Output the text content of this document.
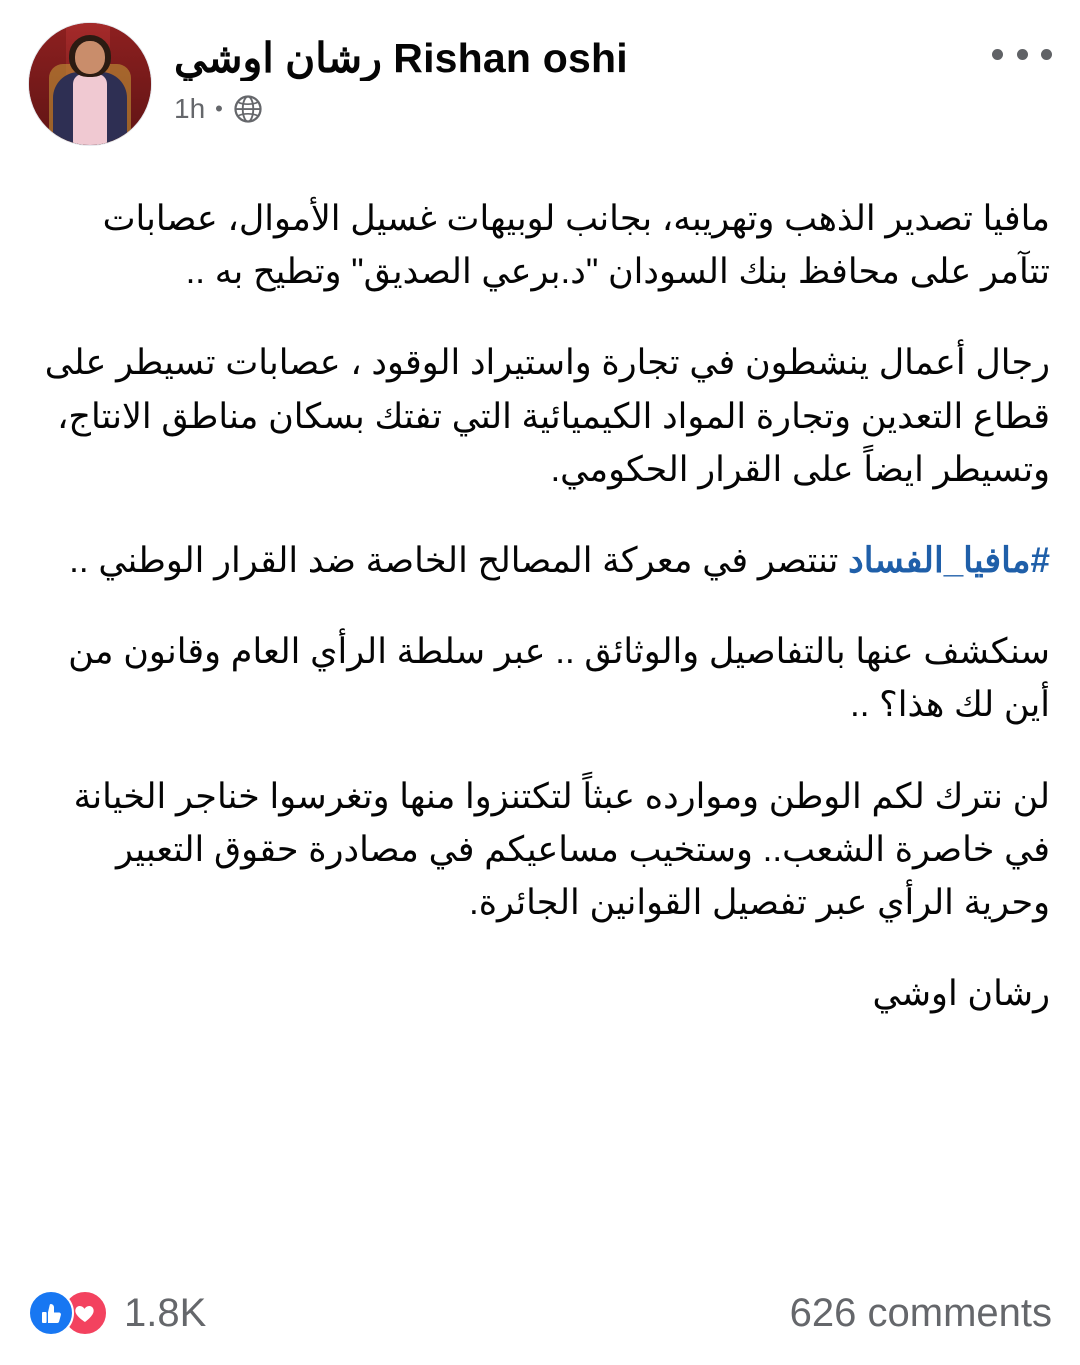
رشان اوشي Rishan oshi
1h •

مافيا تصدير الذهب وتهريبه، بجانب لوبيهات غسيل الأموال، عصابات تتآمر على محافظ بنك السودان "د.برعي الصديق" وتطيح به ..

رجال أعمال ينشطون في تجارة واستيراد الوقود ، عصابات تسيطر على قطاع التعدين وتجارة المواد الكيميائية التي تفتك بسكان مناطق الانتاج، وتسيطر ايضاً على القرار الحكومي.

#مافيا_الفساد تنتصر في معركة المصالح الخاصة ضد القرار الوطني ..

سنكشف عنها بالتفاصيل والوثائق .. عبر سلطة الرأي العام وقانون من أين لك هذا؟ ..

لن نترك لكم الوطن وموارده عبثاً لتكتنزوا منها وتغرسوا خناجر الخيانة في خاصرة الشعب.. وستخيب مساعيكم في مصادرة حقوق التعبير وحرية الرأي عبر تفصيل القوانين الجائرة.

رشان اوشي

1.8K	626 comments
